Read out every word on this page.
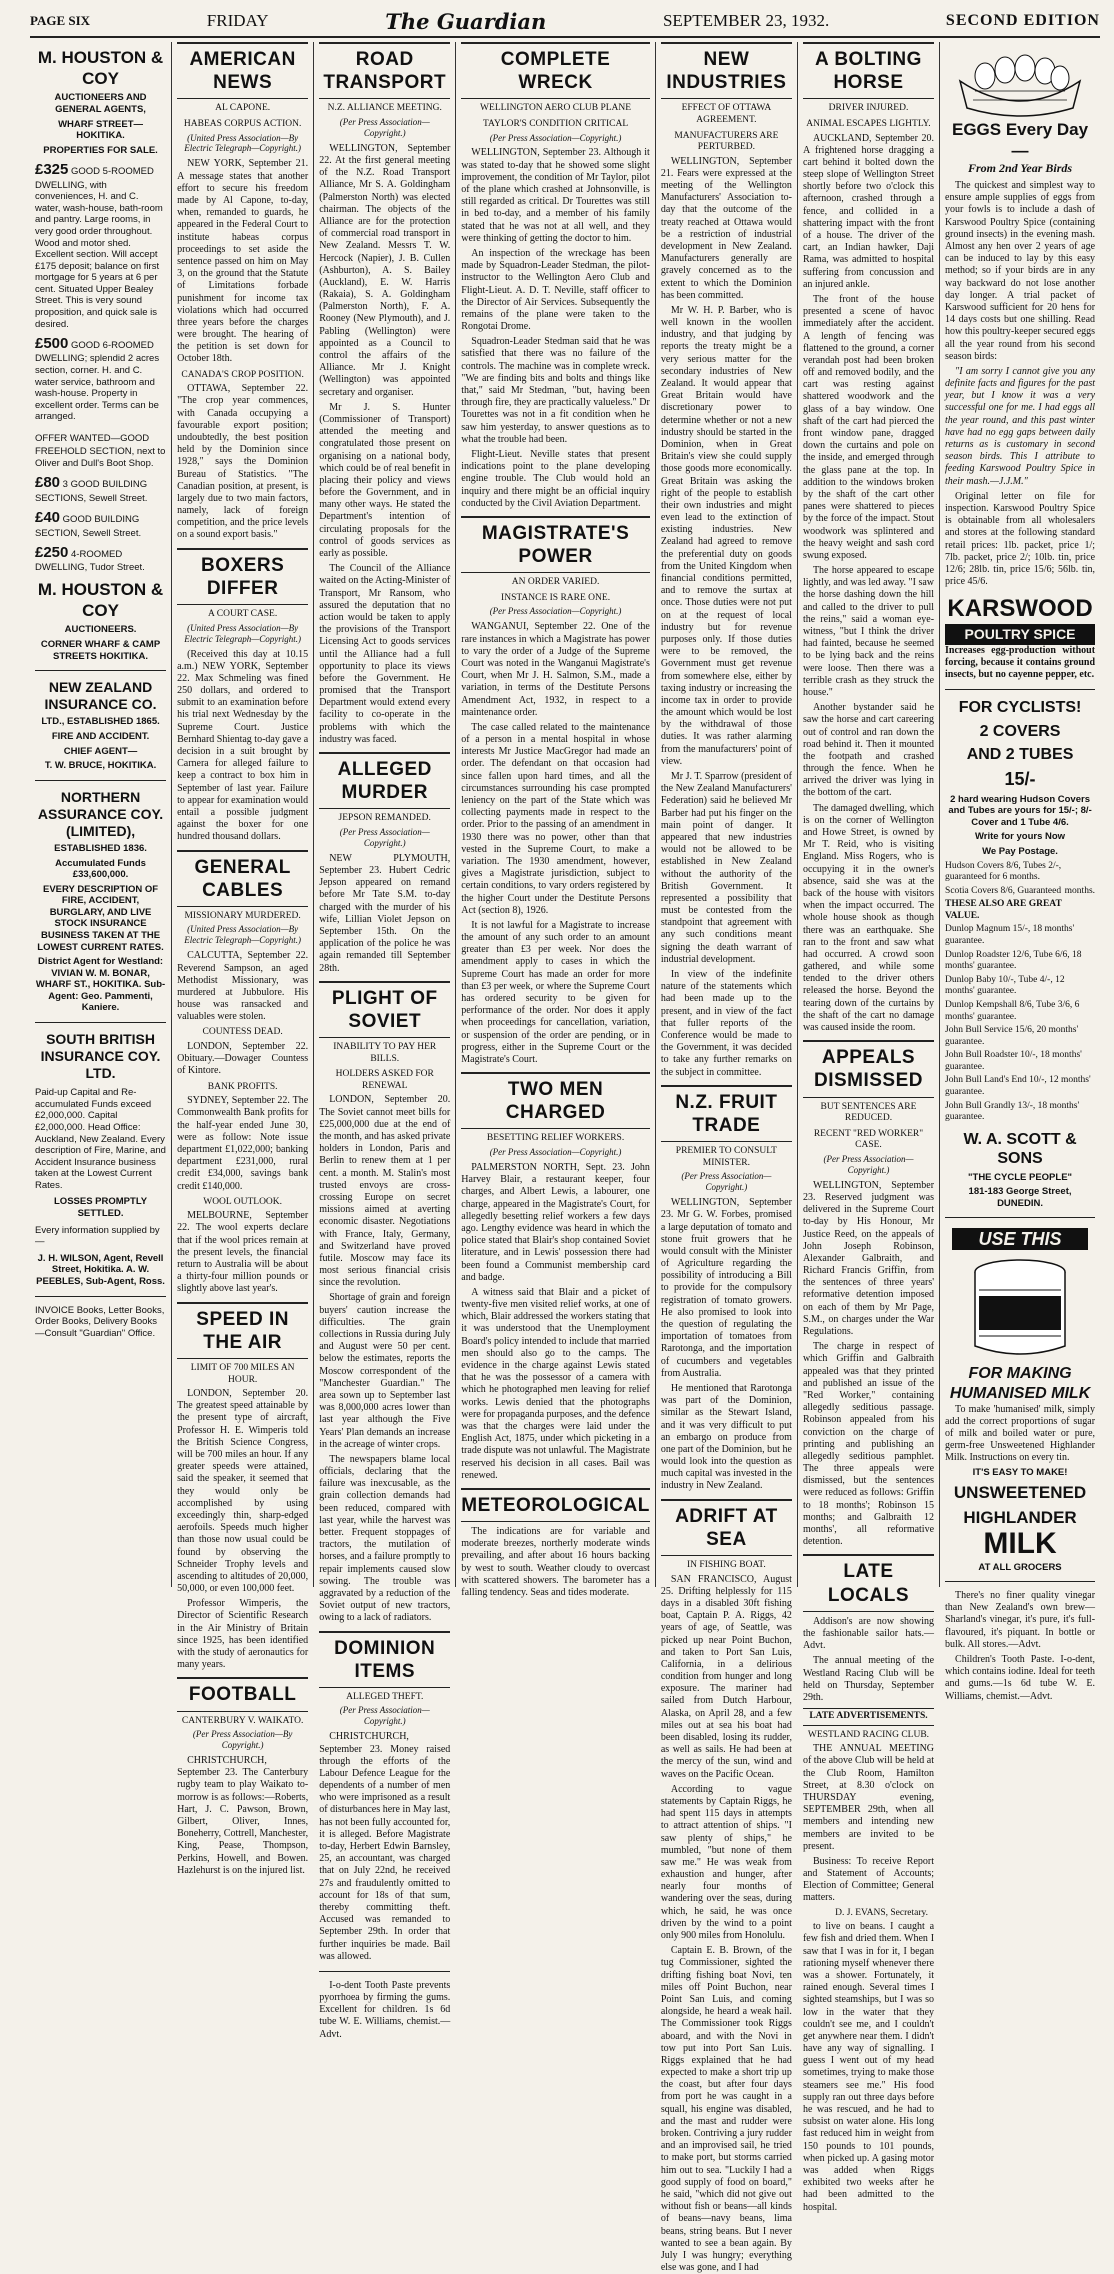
PAGE SIX	FRIDAY	The Guardian	SEPTEMBER 23, 1932.	SECOND EDITION
M. HOUSTON & COY
AUCTIONEERS AND GENERAL AGENTS,
WHARF STREET—HOKITIKA.
PROPERTIES FOR SALE.
£325 GOOD 5-ROOMED DWELLING, with conveniences, H. and C. water, wash-house, bath-room and pantry. Large rooms, in very good order throughout. Wood and motor shed. Excellent section. Will accept £175 deposit; balance on first mortgage for 5 years at 6 per cent. Situated Upper Bealey Street. This is very sound proposition, and quick sale is desired.
£500 GOOD 6-ROOMED DWELLING; splendid 2 acres section, corner. H. and C. water service, bathroom and wash-house. Property in excellent order. Terms can be arranged.
OFFER WANTED—GOOD FREEHOLD SECTION, next to Oliver and Dull's Boot Shop.
£80 3 GOOD BUILDING SECTIONS, Sewell Street.
£40 GOOD BUILDING SECTION, Sewell Street.
£250 4-ROOMED DWELLING, Tudor Street.
M. HOUSTON & COY
AUCTIONEERS.
CORNER WHARF & CAMP STREETS HOKITIKA.
NEW ZEALAND INSURANCE CO.
LTD., ESTABLISHED 1865.
FIRE AND ACCIDENT.
CHIEF AGENT—
T. W. BRUCE, HOKITIKA.
NORTHERN ASSURANCE COY. (LIMITED),
ESTABLISHED 1836.
Accumulated Funds £33,600,000.
EVERY DESCRIPTION OF FIRE, ACCIDENT, BURGLARY, AND LIVE STOCK INSURANCE BUSINESS TAKEN AT THE LOWEST CURRENT RATES.
District Agent for Westland: VIVIAN W. M. BONAR, WHARF ST., HOKITIKA. Sub-Agent: Geo. Pammenti, Kaniere.
SOUTH BRITISH INSURANCE COY. LTD.
Paid-up Capital and Re-accumulated Funds exceed £2,000,000. Capital £2,000,000. Head Office: Auckland, New Zealand. Every description of Fire, Marine, and Accident Insurance business taken at the Lowest Current Rates.
LOSSES PROMPTLY SETTLED.
Every information supplied by—
J. H. WILSON, Agent, Revell Street, Hokitika. A. W. PEEBLES, Sub-Agent, Ross.
INVOICE Books, Letter Books, Order Books, Delivery Books—Consult "Guardian" Office.
AMERICAN NEWS
AL CAPONE.
HABEAS CORPUS ACTION.
(United Press Association—By Electric Telegraph—Copyright.)

NEW YORK, September 21. A message states that another effort to secure his freedom made by Al Capone, to-day, when, remanded to guards, he appeared in the Federal Court to institute habeas corpus proceedings to set aside the sentence passed on him on May 3, on the ground that the Statute of Limitations forbade punishment for income tax violations which had occurred three years before the charges were brought. The hearing of the petition is set down for October 18th.

CANADA'S CROP POSITION.

OTTAWA, September 22. "The crop year commences, with Canada occupying a favourable export position; undoubtedly, the best position held by the Dominion since 1928," says the Dominion Bureau of Statistics. "The Canadian position, at present, is largely due to two main factors, namely, lack of foreign competition, and the price levels on a sound export basis."

BOXERS DIFFER
A COURT CASE.
(United Press Association—By Electric Telegraph—Copyright.)

(Received this day at 10.15 a.m.) NEW YORK, September 22. Max Schmeling was fined 250 dollars, and ordered to submit to an examination before his trial next Wednesday by the Supreme Court. Justice Bernhard Shientag to-day gave a decision in a suit brought by Carnera for alleged failure to keep a contract to box him in September of last year. Failure to appear for examination would entail a possible judgment against the boxer for one hundred thousand dollars.

GENERAL CABLES
MISSIONARY MURDERED.
(United Press Association—By Electric Telegraph—Copyright.)

CALCUTTA, September 22. Reverend Sampson, an aged Methodist Missionary, was murdered at Jubbulore. His house was ransacked and valuables were stolen.

COUNTESS DEAD.

LONDON, September 22. Obituary.—Dowager Countess of Kintore.

BANK PROFITS.

SYDNEY, September 22. The Commonwealth Bank profits for the half-year ended June 30, were as follow: Note issue department £1,022,000; banking department £231,000, rural credit £34,000, savings bank credit £140,000.

WOOL OUTLOOK.

MELBOURNE, September 22. The wool experts declare that if the wool prices remain at the present levels, the financial return to Australia will be about a thirty-four million pounds or slightly above last year's.

SPEED IN THE AIR
LIMIT OF 700 MILES AN HOUR.

LONDON, September 20. The greatest speed attainable by the present type of aircraft, Professor H. E. Wimperis told the British Science Congress, will be 700 miles an hour. If any greater speeds were attained, said the speaker, it seemed that they would only be accomplished by using exceedingly thin, sharp-edged aerofoils. Speeds much higher than those now usual could be found by observing the Schneider Trophy levels and ascending to altitudes of 20,000, 50,000, or even 100,000 feet.

Professor Wimperis, the Director of Scientific Research in the Air Ministry of Britain since 1925, has been identified with the study of aeronautics for many years.

FOOTBALL
CANTERBURY V. WAIKATO.
(Per Press Association—By Copyright.)

CHRISTCHURCH, September 23. The Canterbury rugby team to play Waikato to-morrow is as follows:—Roberts, Hart, J. C. Pawson, Brown, Gilbert, Oliver, Innes, Boneherry, Cottrell, Manchester, King, Pease, Thompson, Perkins, Howell, and Bowen. Hazlehurst is on the injured list.

ROAD TRANSPORT
N.Z. ALLIANCE MEETING.
(Per Press Association—Copyright.)

WELLINGTON, September 22. At the first general meeting of the N.Z. Road Transport Alliance, Mr S. A. Goldingham (Palmerston North) was elected chairman. The objects of the Alliance are for the protection of commercial road transport in New Zealand. Messrs T. W. Hercock (Napier), J. B. Cullen (Ashburton), A. S. Bailey (Auckland), E. W. Harris (Rakaia), S. A. Goldingham (Palmerston North), F. A. Rooney (New Plymouth), and J. Pabling (Wellington) were appointed as a Council to control the affairs of the Alliance. Mr J. Knight (Wellington) was appointed secretary and organiser.

Mr J. S. Hunter (Commissioner of Transport) attended the meeting and congratulated those present on organising on a national body, which could be of real benefit in placing their policy and views before the Government, and in many other ways. He stated the Department's intention of circulating proposals for the control of goods services as early as possible.

The Council of the Alliance waited on the Acting-Minister of Transport, Mr Ransom, who assured the deputation that no action would be taken to apply the provisions of the Transport Licensing Act to goods services until the Alliance had a full opportunity to place its views before the Government. He promised that the Transport Department would extend every facility to co-operate in the problems with which the industry was faced.

ALLEGED MURDER
JEPSON REMANDED.
(Per Press Association—Copyright.)

NEW PLYMOUTH, September 23. Hubert Cedric Jepson appeared on remand before Mr Tate S.M. to-day charged with the murder of his wife, Lillian Violet Jepson on September 15th. On the application of the police he was again remanded till September 28th.

PLIGHT OF SOVIET
INABILITY TO PAY HER BILLS.
HOLDERS ASKED FOR RENEWAL

LONDON, September 20. The Soviet cannot meet bills for £25,000,000 due at the end of the month, and has asked private holders in London, Paris and Berlin to renew them at 1 per cent. a month. M. Stalin's most trusted envoys are cross-crossing Europe on secret missions aimed at averting economic disaster. Negotiations with France, Italy, Germany, and Switzerland have proved futile. Moscow may face its most serious financial crisis since the revolution.

Shortage of grain and foreign buyers' caution increase the difficulties. The grain collections in Russia during July and August were 50 per cent. below the estimates, reports the Moscow correspondent of the "Manchester Guardian." The area sown up to September last was 8,000,000 acres lower than last year although the Five Years' Plan demands an increase in the acreage of winter crops.

The newspapers blame local officials, declaring that the failure was inexcusable, as the grain collection demands had been reduced, compared with last year, while the harvest was better. Frequent stoppages of tractors, the mutilation of horses, and a failure promptly to repair implements caused slow sowing. The trouble was aggravated by a reduction of the Soviet output of new tractors, owing to a lack of radiators.

DOMINION ITEMS
ALLEGED THEFT.
(Per Press Association—Copyright.)

CHRISTCHURCH, September 23. Money raised through the efforts of the Labour Defence League for the dependents of a number of men who were imprisoned as a result of disturbances here in May last, has not been fully accounted for, it is alleged. Before Magistrate to-day, Herbert Edwin Barnsley, 25, an accountant, was charged that on July 22nd, he received 27s and fraudulently omitted to account for 18s of that sum, thereby committing theft. Accused was remanded to September 29th. In order that further inquiries be made. Bail was allowed.

I-o-dent Tooth Paste prevents pyorrhoea by firming the gums. Excellent for children. 1s 6d tube W. E. Williams, chemist.—Advt.

COMPLETE WRECK
WELLINGTON AERO CLUB PLANE
TAYLOR'S CONDITION CRITICAL
(Per Press Association—Copyright.)

WELLINGTON, September 23. Although it was stated to-day that he showed some slight improvement, the condition of Mr Taylor, pilot of the plane which crashed at Johnsonville, is still regarded as critical. Dr Tourettes was still in bed to-day, and a member of his family stated that he was not at all well, and they were thinking of getting the doctor to him.

An inspection of the wreckage has been made by Squadron-Leader Stedman, the pilot-instructor to the Wellington Aero Club and Flight-Lieut. A. D. T. Neville, staff officer to the Director of Air Services. Subsequently the remains of the plane were taken to the Rongotai Drome.

Squadron-Leader Stedman said that he was satisfied that there was no failure of the controls. The machine was in complete wreck. "We are finding bits and bolts and things like that," said Mr Stedman, "but, having been through fire, they are practically valueless." Dr Tourettes was not in a fit condition when he saw him yesterday, to answer questions as to what the trouble had been.

Flight-Lieut. Neville states that present indications point to the plane developing engine trouble. The Club would hold an inquiry and there might be an official inquiry conducted by the Civil Aviation Department.

MAGISTRATE'S POWER
AN ORDER VARIED.
INSTANCE IS RARE ONE.
(Per Press Association—Copyright.)

WANGANUI, September 22. One of the rare instances in which a Magistrate has power to vary the order of a Judge of the Supreme Court was noted in the Wanganui Magistrate's Court, when Mr J. H. Salmon, S.M., made a variation, in terms of the Destitute Persons Amendment Act, 1932, in respect to a maintenance order.

The case called related to the maintenance of a person in a mental hospital in whose interests Mr Justice MacGregor had made an order. The defendant on that occasion had since fallen upon hard times, and all the circumstances surrounding his case prompted leniency on the part of the State which was collecting payments made in respect to the order. Prior to the passing of an amendment in 1930 there was no power, other than that vested in the Supreme Court, to make a variation. The 1930 amendment, however, gives a Magistrate jurisdiction, subject to certain conditions, to vary orders registered by the higher Court under the Destitute Persons Act (section 8), 1926.

It is not lawful for a Magistrate to increase the amount of any such order to an amount greater than £3 per week. Nor does the amendment apply to cases in which the Supreme Court has made an order for more than £3 per week, or where the Supreme Court has ordered security to be given for performance of the order. Nor does it apply when proceedings for cancellation, variation, or suspension of the order are pending, or in progress, either in the Supreme Court or the Magistrate's Court.

TWO MEN CHARGED
BESETTING RELIEF WORKERS.
(Per Press Association—Copyright.)

PALMERSTON NORTH, Sept. 23. John Harvey Blair, a restaurant keeper, four charges, and Albert Lewis, a labourer, one charge, appeared in the Magistrate's Court, for allegedly besetting relief workers a few days ago. Lengthy evidence was heard in which the police stated that Blair's shop contained Soviet literature, and in Lewis' possession there had been found a Communist membership card and badge.

A witness said that Blair and a picket of twenty-five men visited relief works, at one of which, Blair addressed the workers stating that it was understood that the Unemployment Board's policy intended to include that married men should also go to the camps. The evidence in the charge against Lewis stated that he was the possessor of a camera with which he photographed men leaving for relief works. Lewis denied that the photographs were for propaganda purposes, and the defence was that the charges were laid under the English Act, 1875, under which picketing in a trade dispute was not unlawful. The Magistrate reserved his decision in all cases. Bail was renewed.

METEOROLOGICAL

The indications are for variable and moderate breezes, northerly moderate winds prevailing, and after about 16 hours backing by west to south. Weather cloudy to overcast with scattered showers. The barometer has a falling tendency. Seas and tides moderate.

NEW INDUSTRIES
EFFECT OF OTTAWA AGREEMENT.
MANUFACTURERS ARE PERTURBED.

WELLINGTON, September 21. Fears were expressed at the meeting of the Wellington Manufacturers' Association to-day that the outcome of the treaty reached at Ottawa would be a restriction of industrial development in New Zealand. Manufacturers generally are gravely concerned as to the extent to which the Dominion has been committed.

Mr W. H. P. Barber, who is well known in the woollen industry, and that judging by reports the treaty might be a very serious matter for the secondary industries of New Zealand. It would appear that Great Britain would have discretionary power to determine whether or not a new industry should be started in the Dominion, when in Great Britain's view she could supply those goods more economically. Great Britain was asking the right of the people to establish their own industries and might even lead to the extinction of existing industries. New Zealand had agreed to remove the preferential duty on goods from the United Kingdom when financial conditions permitted, and to remove the surtax at once. Those duties were not put on at the request of local industry but for revenue purposes only. If those duties were to be removed, the Government must get revenue from somewhere else, either by taxing industry or increasing the income tax in order to provide the amount which would be lost by the withdrawal of those duties. It was rather alarming from the manufacturers' point of view.

Mr J. T. Sparrow (president of the New Zealand Manufacturers' Federation) said he believed Mr Barber had put his finger on the main point of danger. It appeared that new industries would not be allowed to be established in New Zealand without the authority of the British Government. It represented a possibility that must be contested from the standpoint that agreement with any such conditions meant signing the death warrant of industrial development.

In view of the indefinite nature of the statements which had been made up to the present, and in view of the fact that fuller reports of the Conference would be made to the Government, it was decided to take any further remarks on the subject in committee.

N.Z. FRUIT TRADE
PREMIER TO CONSULT MINISTER.
(Per Press Association—Copyright.)

WELLINGTON, September 23. Mr G. W. Forbes, promised a large deputation of tomato and stone fruit growers that he would consult with the Minister of Agriculture regarding the possibility of introducing a Bill to provide for the compulsory registration of tomato growers. He also promised to look into the question of regulating the importation of tomatoes from Rarotonga, and the importation of cucumbers and vegetables from Australia.

He mentioned that Rarotonga was part of the Dominion, similar as the Stewart Island, and it was very difficult to put an embargo on produce from one part of the Dominion, but he would look into the question as much capital was invested in the industry in New Zealand.

ADRIFT AT SEA
IN FISHING BOAT.

SAN FRANCISCO, August 25. Drifting helplessly for 115 days in a disabled 30ft fishing boat, Captain P. A. Riggs, 42 years of age, of Seattle, was picked up near Point Buchon, and taken to Port San Luis, California, in a delirious condition from hunger and long exposure. The mariner had sailed from Dutch Harbour, Alaska, on April 28, and a few miles out at sea his boat had been disabled, losing its rudder, as well as sails. He had been at the mercy of the sun, wind and waves on the Pacific Ocean.

According to vague statements by Captain Riggs, he had spent 115 days in attempts to attract attention of ships. "I saw plenty of ships," he mumbled, "but none of them saw me." He was weak from exhaustion and hunger, after nearly four months of wandering over the seas, during which, he said, he was once driven by the wind to a point only 900 miles from Honolulu.

Captain E. B. Brown, of the tug Commissioner, sighted the drifting fishing boat Novi, ten miles off Point Buchon, near Point San Luis, and coming alongside, he heard a weak hail. The Commissioner took Riggs aboard, and with the Novi in tow put into Port San Luis. Riggs explained that he had expected to make a short trip up the coast, but after four days from port he was caught in a squall, his engine was disabled, and the mast and rudder were broken. Contriving a jury rudder and an improvised sail, he tried to make port, but storms carried him out to sea. "Luckily I had a good supply of food on board," he said, "which did not give out without fish or beans—all kinds of beans—navy beans, lima beans, string beans. But I never wanted to see a bean again. By July I was hungry; everything else was gone, and I had

A BOLTING HORSE
DRIVER INJURED.
ANIMAL ESCAPES LIGHTLY.

AUCKLAND, September 20. A frightened horse dragging a cart behind it bolted down the steep slope of Wellington Street shortly before two o'clock this afternoon, crashed through a fence, and collided in a shattering impact with the front of a house. The driver of the cart, an Indian hawker, Daji Rama, was admitted to hospital suffering from concussion and an injured ankle.

The front of the house presented a scene of havoc immediately after the accident. A length of fencing was flattened to the ground, a corner verandah post had been broken off and removed bodily, and the cart was resting against shattered woodwork and the glass of a bay window. One shaft of the cart had pierced the front window pane, dragged down the curtains and pole on the inside, and emerged through the glass pane at the top. In addition to the windows broken by the shaft of the cart other panes were shattered to pieces by the force of the impact. Stout woodwork was splintered and the heavy weight and sash cord swung exposed.

The horse appeared to escape lightly, and was led away. "I saw the horse dashing down the hill and called to the driver to pull the reins," said a woman eye-witness, "but I think the driver had fainted, because he seemed to be lying back and the reins were loose. Then there was a terrible crash as they struck the house."

Another bystander said he saw the horse and cart careering out of control and ran down the road behind it. Then it mounted the footpath and crashed through the fence. When he arrived the driver was lying in the bottom of the cart.

The damaged dwelling, which is on the corner of Wellington and Howe Street, is owned by Mr T. Reid, who is visiting England. Miss Rogers, who is occupying it in the owner's absence, said she was at the back of the house with visitors when the impact occurred. The whole house shook as though there was an earthquake. She ran to the front and saw what had occurred. A crowd soon gathered, and while some tended to the driver others released the horse. Beyond the tearing down of the curtains by the shaft of the cart no damage was caused inside the room.

APPEALS DISMISSED
BUT SENTENCES ARE REDUCED.
RECENT "RED WORKER" CASE.
(Per Press Association—Copyright.)

WELLINGTON, September 23. Reserved judgment was delivered in the Supreme Court to-day by His Honour, Mr Justice Reed, on the appeals of John Joseph Robinson, Alexander Galbraith, and Richard Francis Griffin, from the sentences of three years' reformative detention imposed on each of them by Mr Page, S.M., on charges under the War Regulations.

The charge in respect of which Griffin and Galbraith appealed was that they printed and published an issue of the "Red Worker," containing allegedly seditious passage. Robinson appealed from his conviction on the charge of printing and publishing an allegedly seditious pamphlet. The three appeals were dismissed, but the sentences were reduced as follows: Griffin to 18 months'; Robinson 15 months; and Galbraith 12 months', all reformative detention.

LATE LOCALS

Addison's are now showing the fashionable sailor hats.—Advt.

The annual meeting of the Westland Racing Club will be held on Thursday, September 29th.

LATE ADVERTISEMENTS.
WESTLAND RACING CLUB.

THE ANNUAL MEETING of the above Club will be held at the Club Room, Hamilton Street, at 8.30 o'clock on THURSDAY evening, SEPTEMBER 29th, when all members and intending new members are invited to be present.

Business: To receive Report and Statement of Accounts; Election of Committee; General matters.

D. J. EVANS, Secretary.

to live on beans. I caught a few fish and dried them. When I saw that I was in for it, I began rationing myself whenever there was a shower. Fortunately, it rained enough. Several times I sighted steamships, but I was so low in the water that they couldn't see me, and I couldn't get anywhere near them. I didn't have any way of signalling. I guess I went out of my head sometimes, trying to make those steamers see me." His food supply ran out three days before he was rescued, and he had to subsist on water alone. His long fast reduced him in weight from 150 pounds to 101 pounds, when picked up. A gasing motor was added when Riggs exhibited two weeks after he had been admitted to the hospital.

EGGS Every Day—
From 2nd Year Birds

The quickest and simplest way to ensure ample supplies of eggs from your fowls is to include a dash of Karswood Poultry Spice (containing ground insects) in the evening mash. Almost any hen over 2 years of age can be induced to lay by this easy method; so if your birds are in any way backward do not lose another day longer. A trial packet of Karswood sufficient for 20 hens for 14 days costs but one shilling. Read how this poultry-keeper secured eggs all the year round from his second season birds:

"I am sorry I cannot give you any definite facts and figures for the past year, but I know it was a very successful one for me. I had eggs all the year round, and this past winter have had no egg gaps between daily returns as is customary in second season birds. This I attribute to feeding Karswood Poultry Spice in their mash.—J.J.M."

Original letter on file for inspection. Karswood Poultry Spice is obtainable from all wholesalers and stores at the following standard retail prices: 1lb. packet, price 1/; 7lb. packet, price 2/; 10lb. tin, price 12/6; 28lb. tin, price 15/6; 56lb. tin, price 45/6.

KARSWOOD
POULTRY SPICE

Increases egg-production without forcing, because it contains ground insects, but no cayenne pepper, etc.

FOR CYCLISTS!
2 COVERS
AND 2 TUBES
15/-
2 hard wearing Hudson Covers and Tubes are yours for 15/-; 8/- Cover and 1 Tube 4/6.
Write for yours Now
We Pay Postage.
Hudson Covers 8/6, Tubes 2/-, guaranteed for 6 months.
Scotia Covers 8/6, Guaranteed months.
THESE ALSO ARE GREAT VALUE.
Dunlop Magnum 15/-, 18 months' guarantee.
Dunlop Roadster 12/6, Tube 6/6, 18 months' guarantee.
Dunlop Baby 10/-, Tube 4/-, 12 months' guarantee.
Dunlop Kempshall 8/6, Tube 3/6, 6 months' guarantee.
John Bull Service 15/6, 20 months' guarantee.
John Bull Roadster 10/-, 18 months' guarantee.
John Bull Land's End 10/-, 12 months' guarantee.
John Bull Grandly 13/-, 18 months' guarantee.
W. A. SCOTT & SONS
"THE CYCLE PEOPLE"
181-183 George Street, DUNEDIN.
USE THIS
FOR MAKING HUMANISED MILK

To make 'humanised' milk, simply add the correct proportions of sugar of milk and boiled water or pure, germ-free Unsweetened Highlander Milk. Instructions on every tin.

IT'S EASY TO MAKE!
UNSWEETENED
HIGHLANDER
MILK
AT ALL GROCERS

There's no finer quality vinegar than New Zealand's own brew—Sharland's vinegar, it's pure, it's full-flavoured, it's piquant. In bottle or bulk. All stores.—Advt.

Children's Tooth Paste. I-o-dent, which contains iodine. Ideal for teeth and gums.—1s 6d tube W. E. Williams, chemist.—Advt.
